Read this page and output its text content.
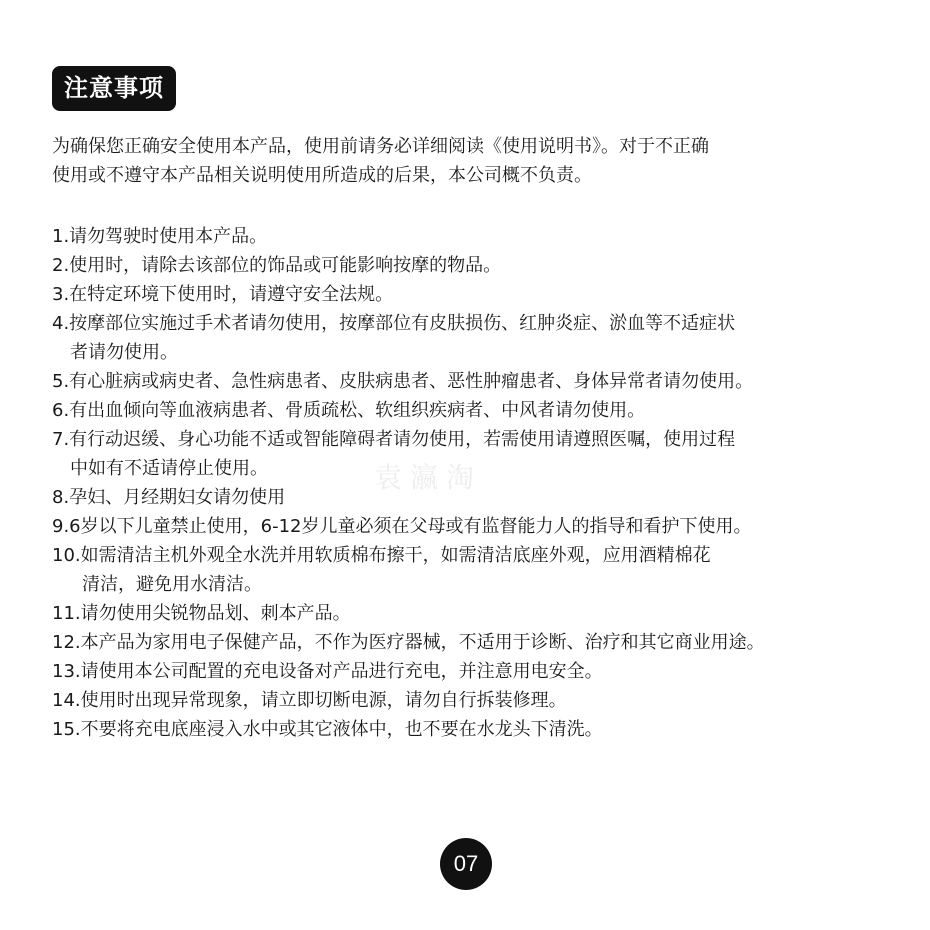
注意事项
为确保您正确安全使用本产品，使用前请务必详细阅读《使用说明书》。对于不正确
使用或不遵守本产品相关说明使用所造成的后果，本公司概不负责。
1.请勿驾驶时使用本产品。
2.使用时，请除去该部位的饰品或可能影响按摩的物品。
3.在特定环境下使用时，请遵守安全法规。
4.按摩部位实施过手术者请勿使用，按摩部位有皮肤损伤、红肿炎症、淤血等不适症状
者请勿使用。
5.有心脏病或病史者、急性病患者、皮肤病患者、恶性肿瘤患者、身体异常者请勿使用。
6.有出血倾向等血液病患者、骨质疏松、软组织疾病者、中风者请勿使用。
7.有行动迟缓、身心功能不适或智能障碍者请勿使用，若需使用请遵照医嘱，使用过程
中如有不适请停止使用。
8.孕妇、月经期妇女请勿使用
9.6岁以下儿童禁止使用，6-12岁儿童必须在父母或有监督能力人的指导和看护下使用。
10.如需清洁主机外观全水洗并用软质棉布擦干，如需清洁底座外观，应用酒精棉花
清洁，避免用水清洁。
11.请勿使用尖锐物品划、刺本产品。
12.本产品为家用电子保健产品，不作为医疗器械，不适用于诊断、治疗和其它商业用途。
13.请使用本公司配置的充电设备对产品进行充电，并注意用电安全。
14.使用时出现异常现象，请立即切断电源，请勿自行拆装修理。
15.不要将充电底座浸入水中或其它液体中，也不要在水龙头下清洗。
袁瀛淘
07
